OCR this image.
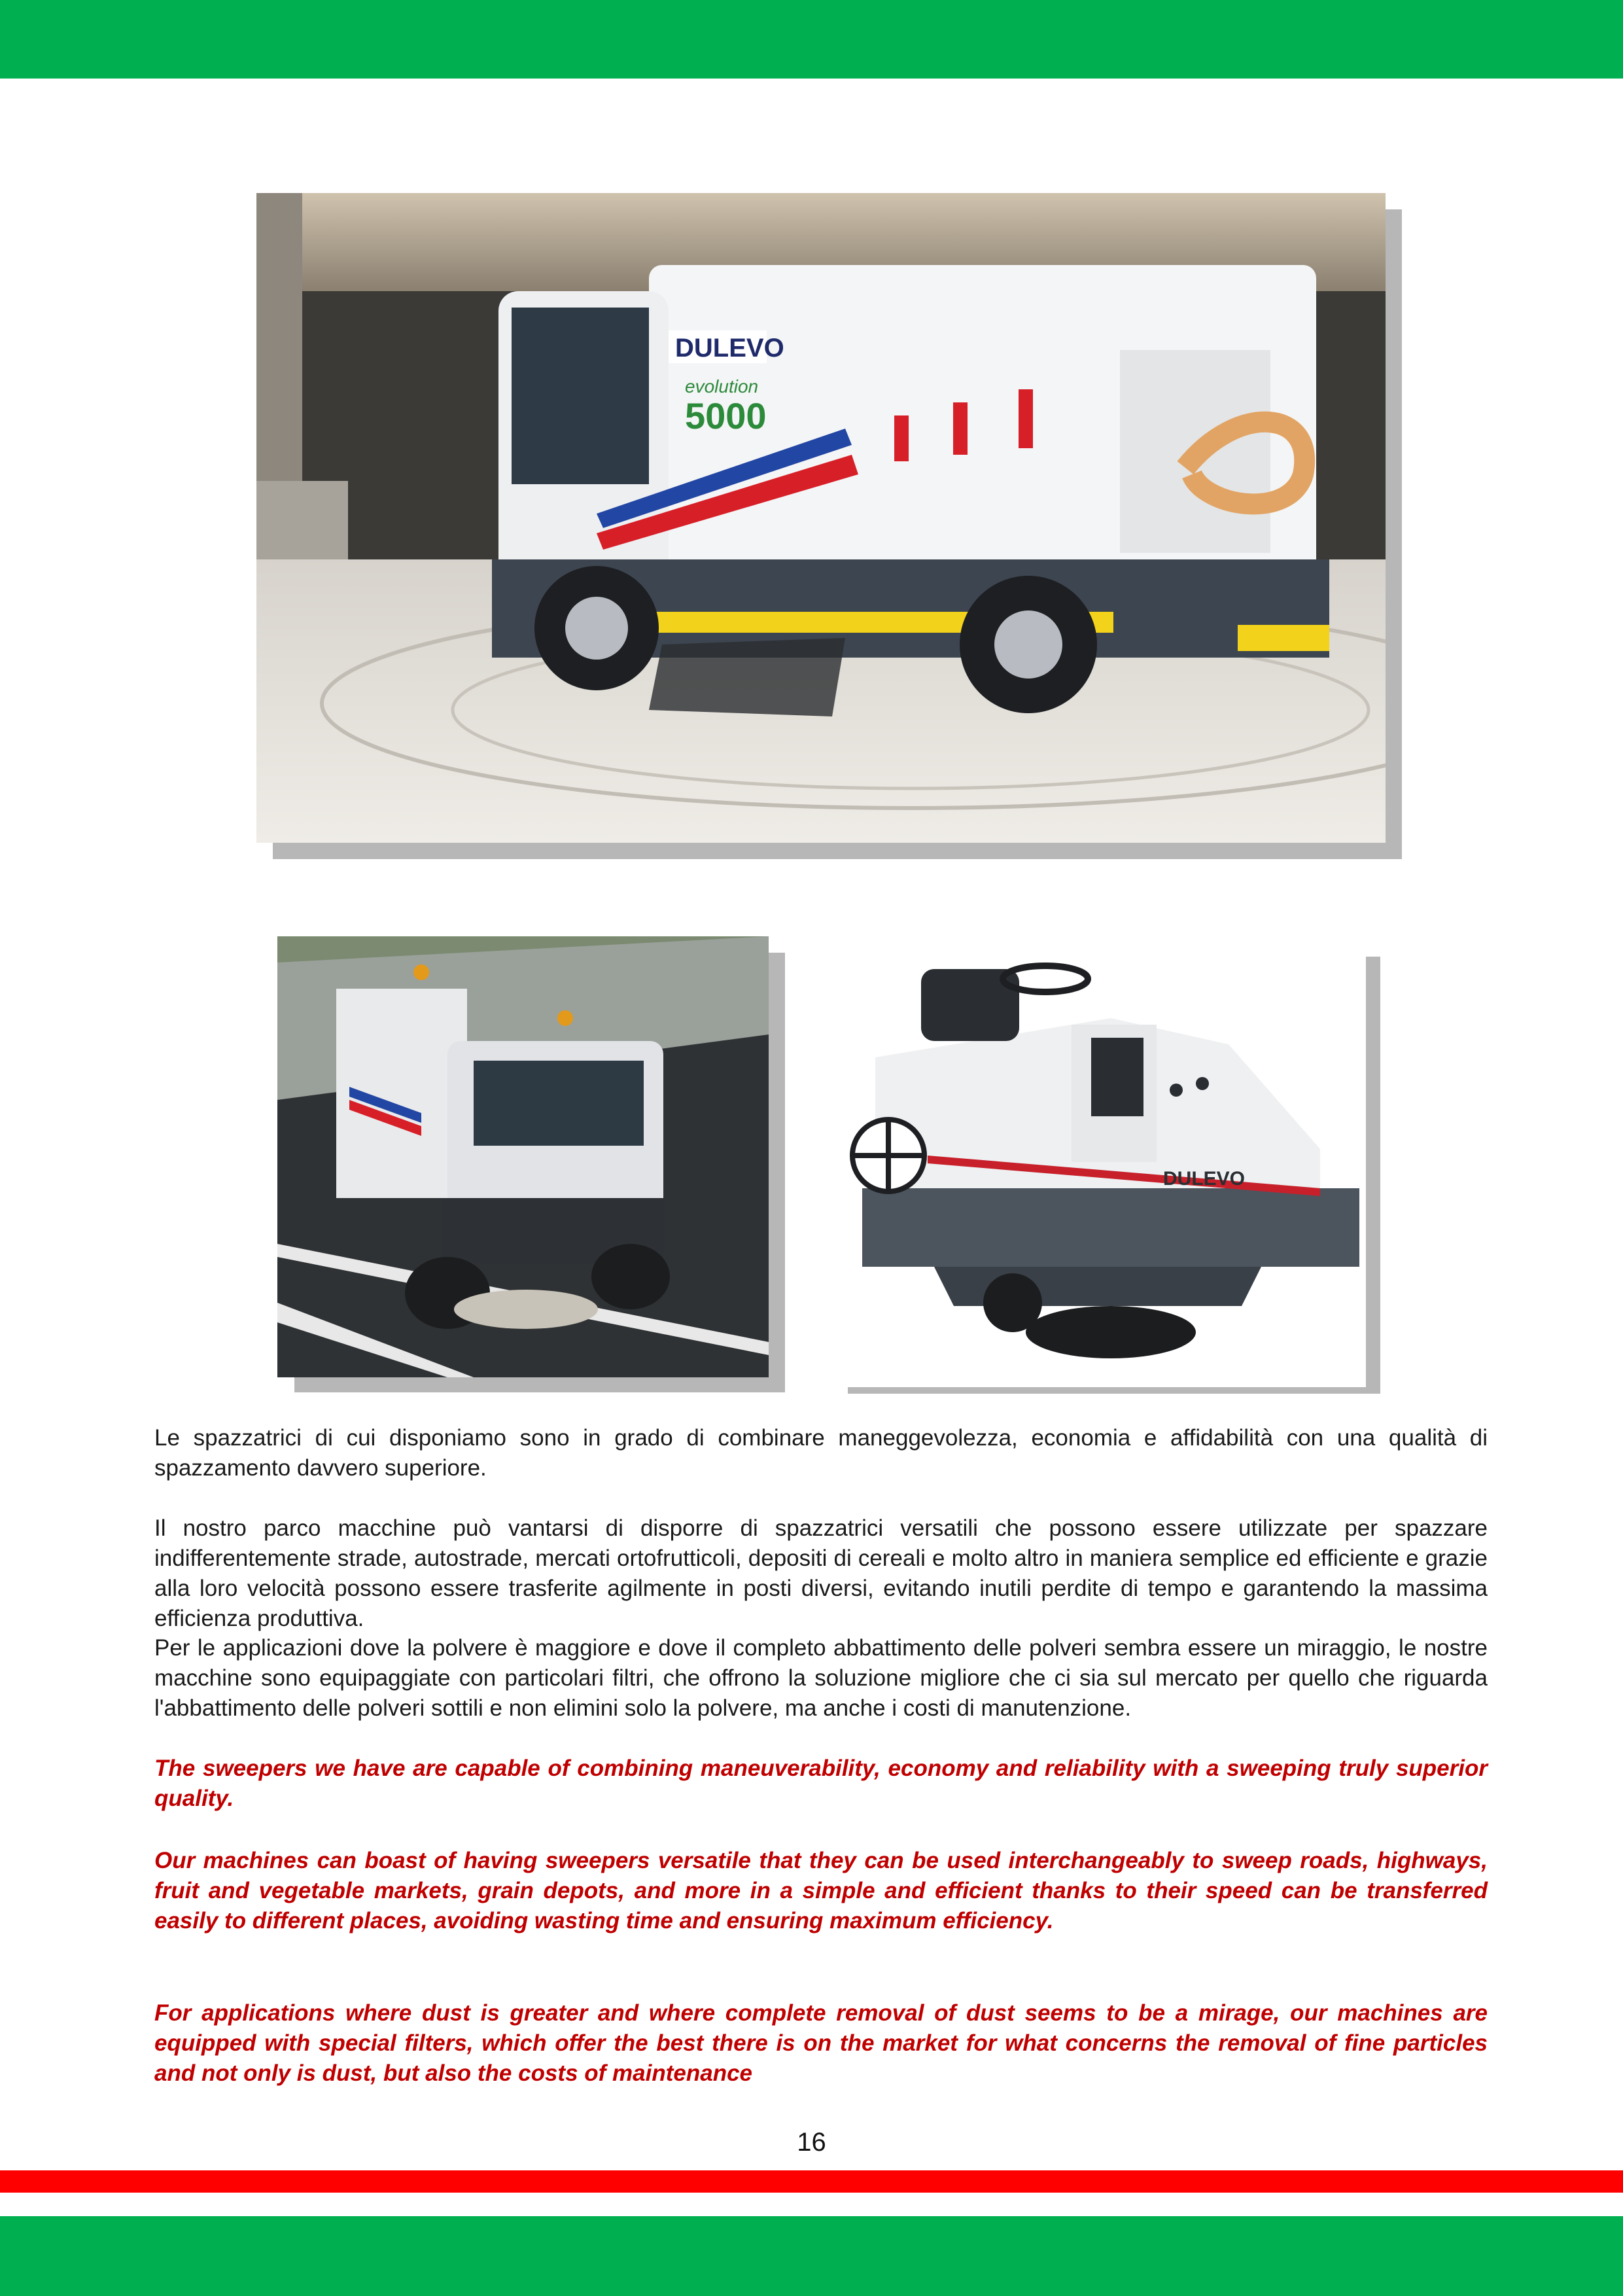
DULEVO
evolution
5000
DULEVO

Le spazzatrici di cui disponiamo sono in grado di combinare maneggevolezza, economia e affidabilità con una qualità di spazzamento davvero superiore.

Il nostro parco macchine può vantarsi di disporre di spazzatrici versatili che possono essere utilizzate per spazzare indifferentemente strade, autostrade, mercati ortofrutticoli, depositi di cereali e molto altro in maniera semplice ed efficiente e grazie alla loro velocità possono essere trasferite agilmente in posti diversi, evitando inutili perdite di tempo e garantendo la massima efficienza produttiva.

Per le applicazioni dove la polvere è maggiore e dove il completo abbattimento delle polveri sembra essere un miraggio, le nostre macchine sono equipaggiate con particolari filtri, che offrono la soluzione migliore che ci sia sul mercato per quello che riguarda l'abbattimento delle polveri sottili e non elimini solo la polvere, ma anche i costi di manutenzione.

The sweepers we have are capable of combining maneuverability, economy and reliability with a sweeping truly superior quality.

Our machines can boast of having sweepers versatile that they can be used interchangeably to sweep roads, highways, fruit and vegetable markets, grain depots, and more in a simple and efficient thanks to their speed can be transferred easily to different places, avoiding wasting time and ensuring maximum efficiency.

For applications where dust is greater and where complete removal of dust seems to be a mirage, our machines are equipped with special filters, which offer the best there is on the market for what concerns the removal of fine particles and not only is dust, but also the costs of maintenance

16
